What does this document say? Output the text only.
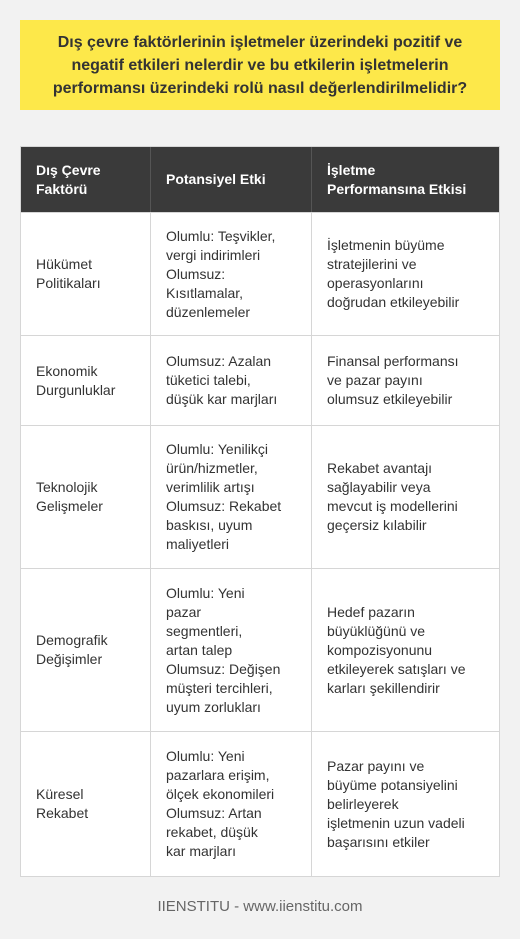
Dış çevre faktörlerinin işletmeler üzerindeki pozitif ve negatif etkileri nelerdir ve bu etkilerin işletmelerin performansı üzerindeki rolü nasıl değerlendirilmelidir?
Dış Çevre
Faktörü
Potansiyel Etki
İşletme
Performansına Etkisi
Hükümet
Politikaları
Olumlu: Teşvikler,
vergi indirimleri
Olumsuz:
Kısıtlamalar,
düzenlemeler
İşletmenin büyüme
stratejilerini ve
operasyonlarını
doğrudan etkileyebilir
Ekonomik
Durgunluklar
Olumsuz: Azalan
tüketici talebi,
düşük kar marjları
Finansal performansı
ve pazar payını
olumsuz etkileyebilir
Teknolojik
Gelişmeler
Olumlu: Yenilikçi
ürün/hizmetler,
verimlilik artışı
Olumsuz: Rekabet
baskısı, uyum
maliyetleri
Rekabet avantajı
sağlayabilir veya
mevcut iş modellerini
geçersiz kılabilir
Demografik
Değişimler
Olumlu: Yeni
pazar
segmentleri,
artan talep
Olumsuz: Değişen
müşteri tercihleri,
uyum zorlukları
Hedef pazarın
büyüklüğünü ve
kompozisyonunu
etkileyerek satışları ve
karları şekillendirir
Küresel
Rekabet
Olumlu: Yeni
pazarlara erişim,
ölçek ekonomileri
Olumsuz: Artan
rekabet, düşük
kar marjları
Pazar payını ve
büyüme potansiyelini
belirleyerek
işletmenin uzun vadeli
başarısını etkiler
IIENSTITU - www.iienstitu.com
